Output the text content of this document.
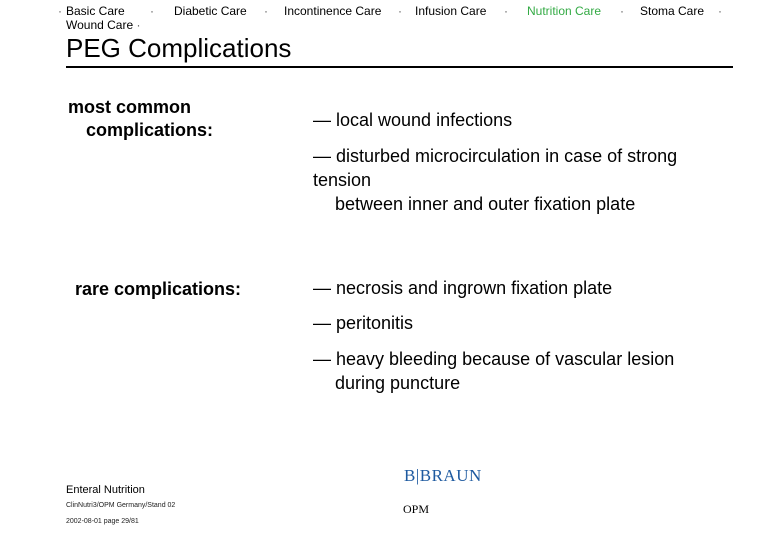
· Basic Care · Diabetic Care · Incontinence Care · Infusion Care · Nutrition Care · Stoma Care ·
Wound Care ·
PEG Complications
most common
complications:	— local wound infections
— disturbed microcirculation in case of strong
tension
between inner and outer fixation plate
rare complications:	— necrosis and ingrown fixation plate
— peritonitis
— heavy bleeding because of vascular lesion
during puncture
Enteral Nutrition
ClinNutri3/OPM Germany/Stand 02
2002-08-01 page 29/81
B|BRAUN
OPM
